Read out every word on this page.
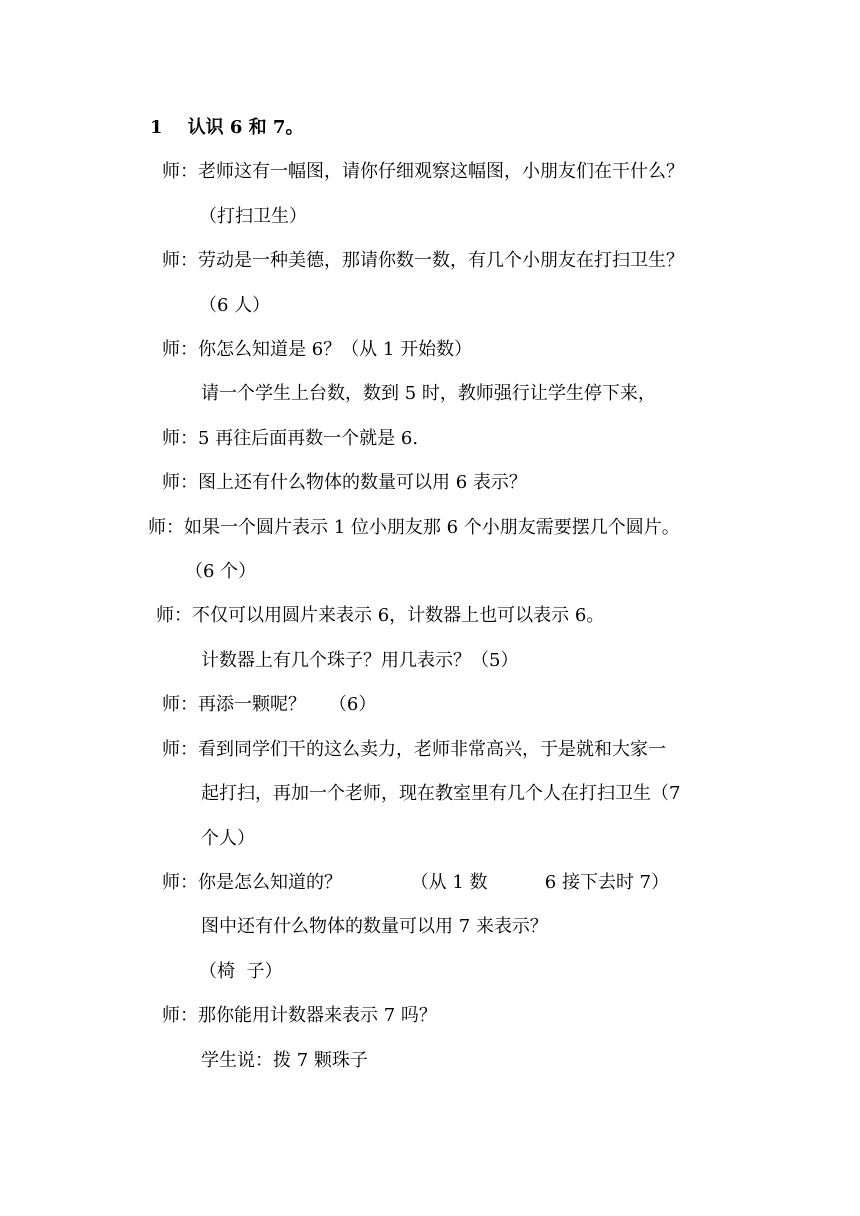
1    认识 6 和 7。
师：老师这有一幅图，请你仔细观察这幅图，小朋友们在干什么？
（打扫卫生）
师：劳动是一种美德，那请你数一数，有几个小朋友在打扫卫生？
（6 人）
师：你怎么知道是 6？（从 1 开始数）
请一个学生上台数，数到 5 时，教师强行让学生停下来，
师：5 再往后面再数一个就是 6.
师：图上还有什么物体的数量可以用 6 表示？
师：如果一个圆片表示 1 位小朋友那 6 个小朋友需要摆几个圆片。
（6 个）
师：不仅可以用圆片来表示 6，计数器上也可以表示 6。
计数器上有几个珠子？用几表示？（5）
师：再添一颗呢？    （6）
师：看到同学们干的这么卖力，老师非常高兴，于是就和大家一
起打扫，再加一个老师，现在教室里有几个人在打扫卫生（7
个人）
师：你是怎么知道的？            （从 1 数          6 接下去时 7）
图中还有什么物体的数量可以用 7 来表示？
（椅  子）
师：那你能用计数器来表示 7 吗？
学生说：拨 7 颗珠子
